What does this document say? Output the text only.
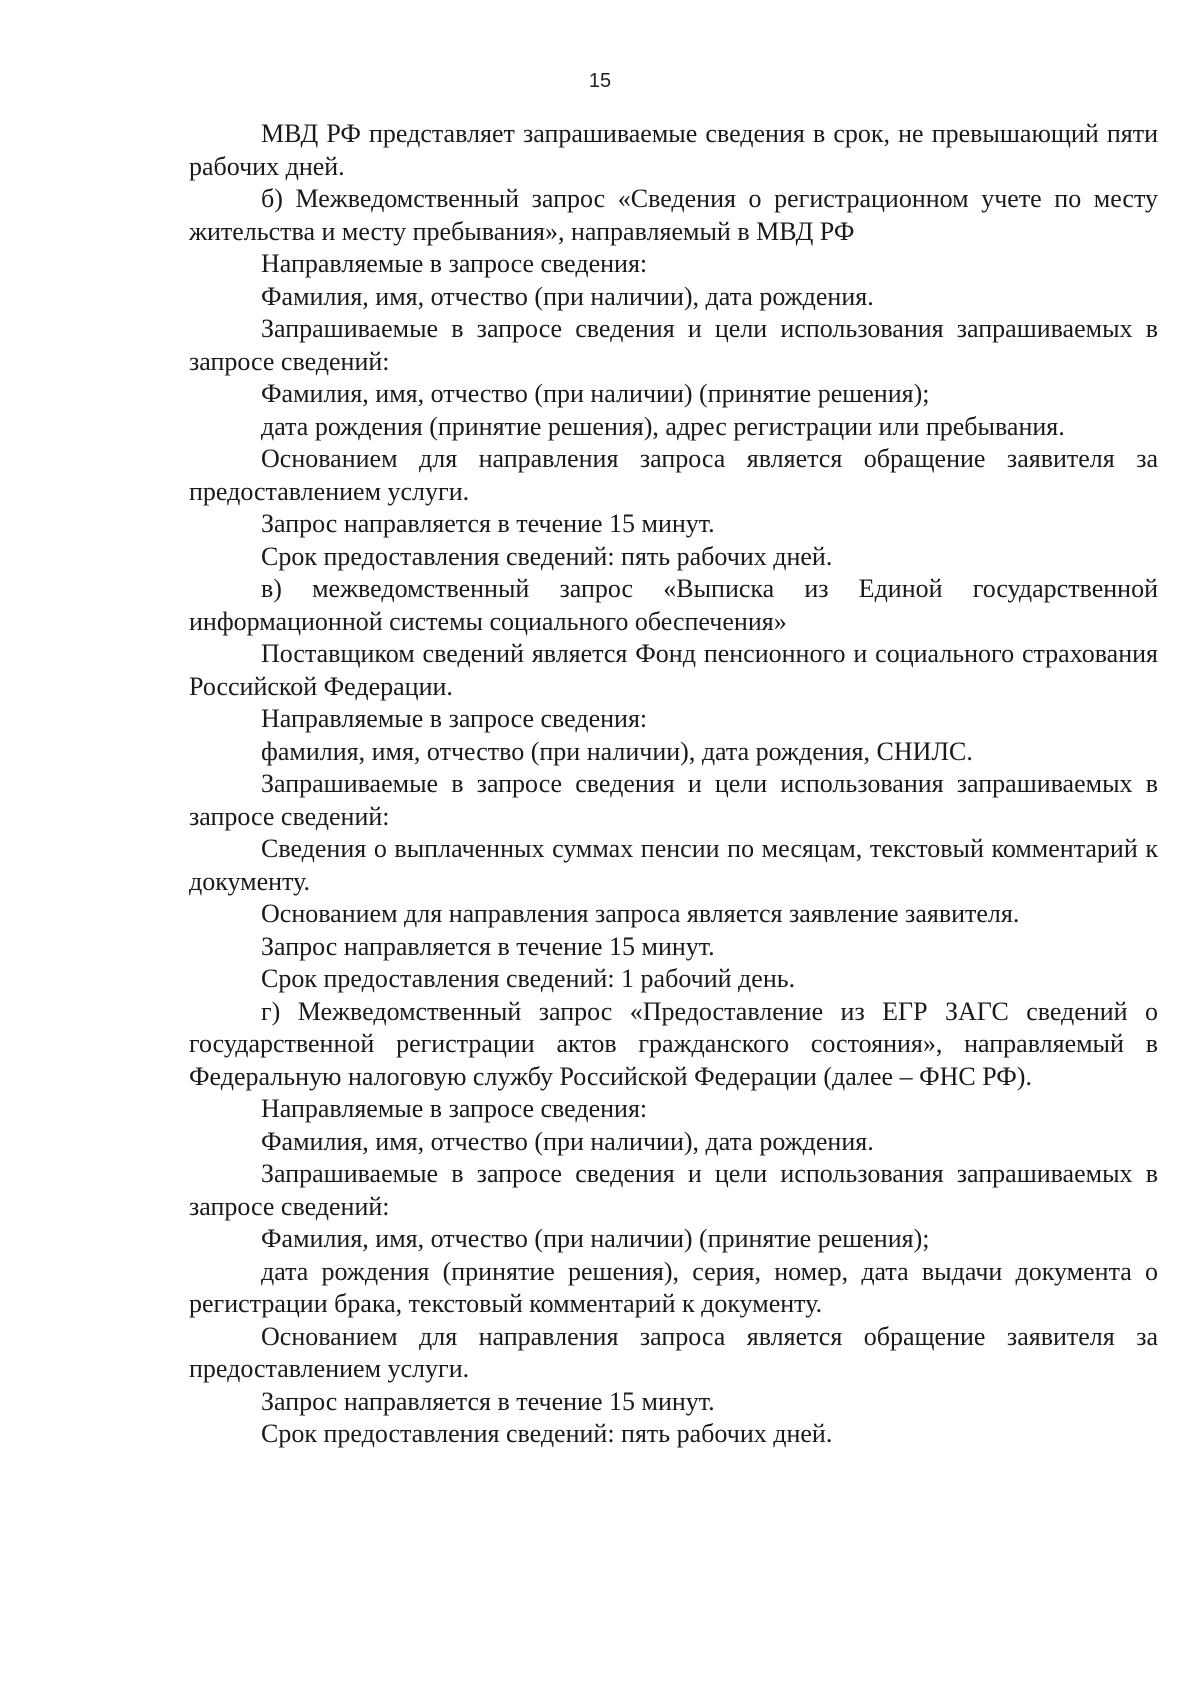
15

МВД РФ представляет запрашиваемые сведения в срок, не превышающий пяти рабочих дней.

б) Межведомственный запрос «Сведения о регистрационном учете по месту жительства и месту пребывания», направляемый в МВД РФ

Направляемые в запросе сведения:

Фамилия, имя, отчество (при наличии), дата рождения.

Запрашиваемые в запросе сведения и цели использования запрашиваемых в запросе сведений:

Фамилия, имя, отчество (при наличии) (принятие решения);

дата рождения (принятие решения), адрес регистрации или пребывания.

Основанием для направления запроса является обращение заявителя за предоставлением услуги.

Запрос направляется в течение 15 минут.

Срок предоставления сведений: пять рабочих дней.

в) межведомственный запрос «Выписка из Единой государственной информационной системы социального обеспечения»

Поставщиком сведений является Фонд пенсионного и социального страхования Российской Федерации.

Направляемые в запросе сведения:

фамилия, имя, отчество (при наличии), дата рождения, СНИЛС.

Запрашиваемые в запросе сведения и цели использования запрашиваемых в запросе сведений:

Сведения о выплаченных суммах пенсии по месяцам, текстовый комментарий к документу.

Основанием для направления запроса является заявление заявителя.

Запрос направляется в течение 15 минут.

Срок предоставления сведений: 1 рабочий день.

г) Межведомственный запрос «Предоставление из ЕГР ЗАГС сведений о государственной регистрации актов гражданского состояния», направляемый в Федеральную налоговую службу Российской Федерации (далее – ФНС РФ).

Направляемые в запросе сведения:

Фамилия, имя, отчество (при наличии), дата рождения.

Запрашиваемые в запросе сведения и цели использования запрашиваемых в запросе сведений:

Фамилия, имя, отчество (при наличии) (принятие решения);

дата рождения (принятие решения), серия, номер, дата выдачи документа о регистрации брака, текстовый комментарий к документу.

Основанием для направления запроса является обращение заявителя за предоставлением услуги.

Запрос направляется в течение 15 минут.

Срок предоставления сведений: пять рабочих дней.
